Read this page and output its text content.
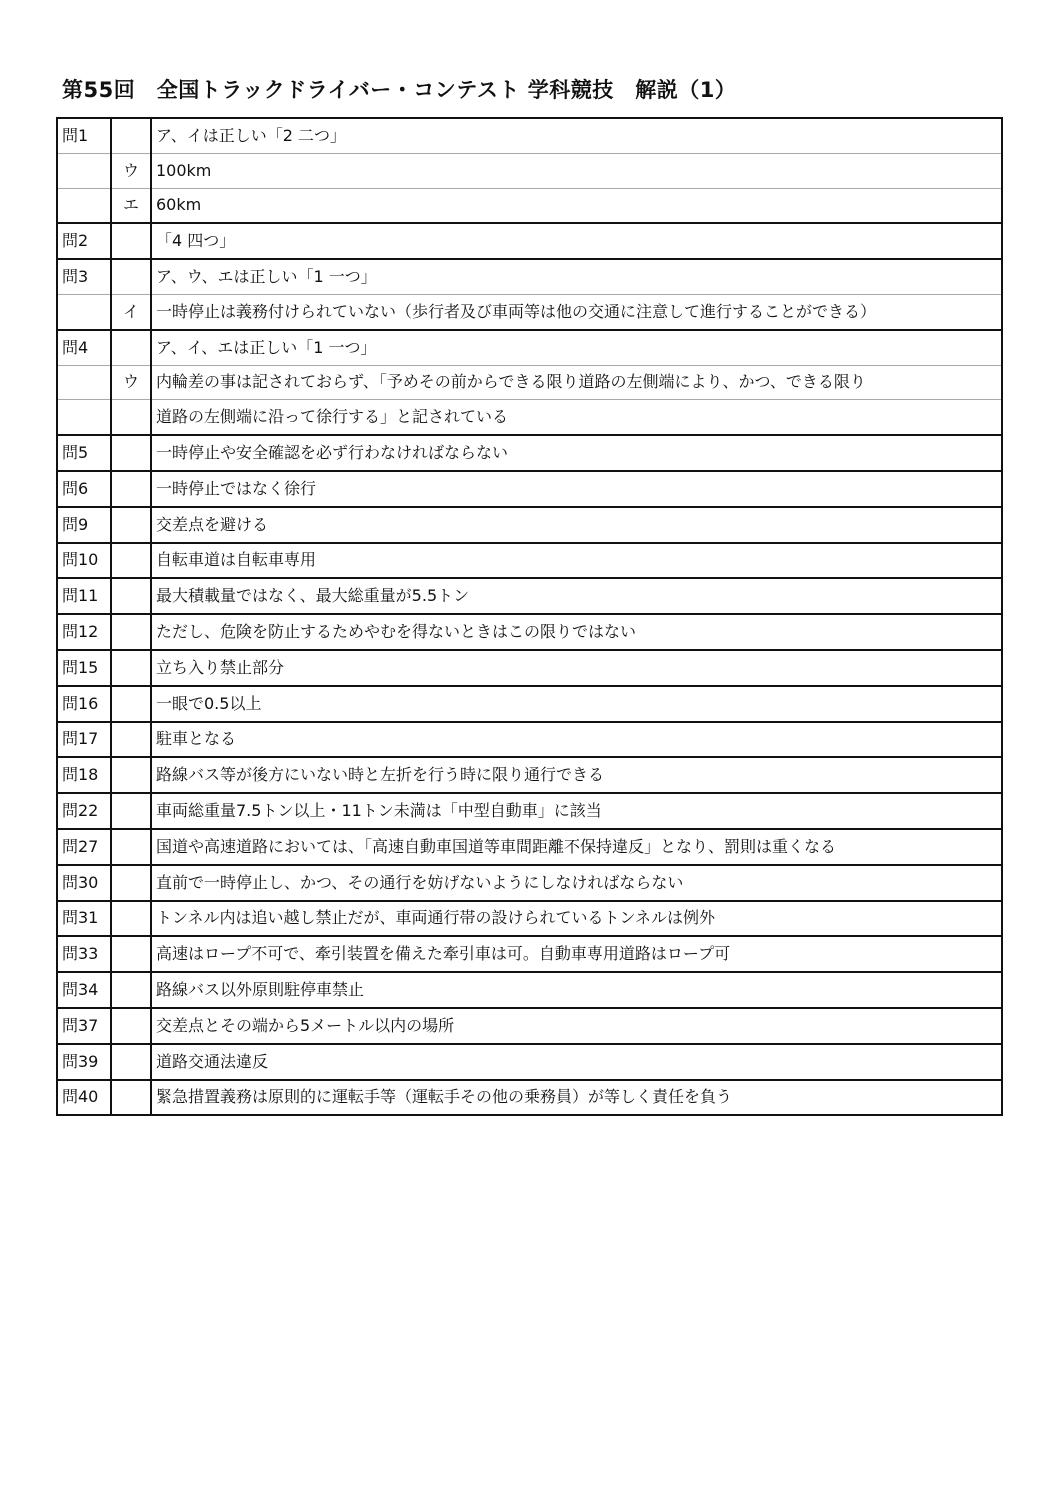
第55回　全国トラックドライバー・コンテスト 学科競技　解説（1）
問1		ア、イは正しい「2 二つ」
	ウ	100km
	エ	60km
問2		「4 四つ」
問3		ア、ウ、エは正しい「1 一つ」
	イ	一時停止は義務付けられていない（歩行者及び車両等は他の交通に注意して進行することができる）
問4		ア、イ、エは正しい「1 一つ」
	ウ	内輪差の事は記されておらず、「予めその前からできる限り道路の左側端により、かつ、できる限り
		道路の左側端に沿って徐行する」と記されている
問5		一時停止や安全確認を必ず行わなければならない
問6		一時停止ではなく徐行
問9		交差点を避ける
問10		自転車道は自転車専用
問11		最大積載量ではなく、最大総重量が5.5トン
問12		ただし、危険を防止するためやむを得ないときはこの限りではない
問15		立ち入り禁止部分
問16		一眼で0.5以上
問17		駐車となる
問18		路線バス等が後方にいない時と左折を行う時に限り通行できる
問22		車両総重量7.5トン以上・11トン未満は「中型自動車」に該当
問27		国道や高速道路においては、「高速自動車国道等車間距離不保持違反」となり、罰則は重くなる
問30		直前で一時停止し、かつ、その通行を妨げないようにしなければならない
問31		トンネル内は追い越し禁止だが、車両通行帯の設けられているトンネルは例外
問33		高速はロープ不可で、牽引装置を備えた牽引車は可。自動車専用道路はロープ可
問34		路線バス以外原則駐停車禁止
問37		交差点とその端から5メートル以内の場所
問39		道路交通法違反
問40		緊急措置義務は原則的に運転手等（運転手その他の乗務員）が等しく責任を負う
